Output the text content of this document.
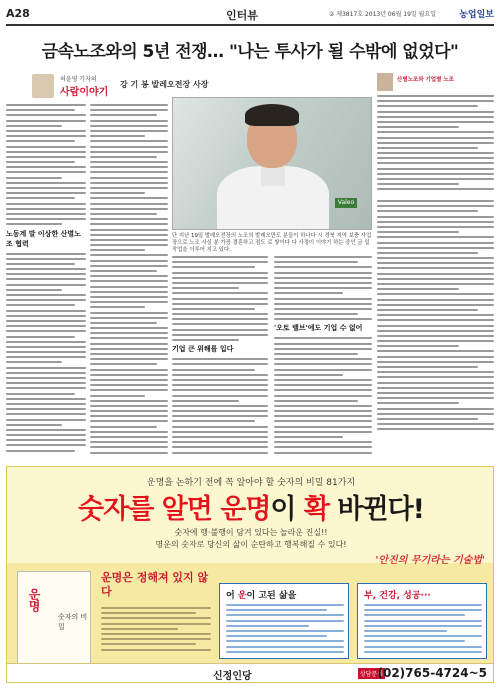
A28	인터뷰	② 제3817호 2013년 06월 19일 월요일	농업일보
금속노조와의 5년 전쟁… "나는 투사가 될 수밖에 없었다"
허윤영 기자의
사람이야기
강 기 봉 발레오전장 사장
노동계 말 이상한 산별노조 협력
Valeo
단 지난 19일 발레오전장의 노조의 발레오만도 분들이 하나다 시 경북 지역 보충 사업 장으로 노조 사실 분 가장 결혼하고 점도 로 쌓이다 다 사정이 이야기 하는 중인 금 일 작업을 이루어 지고 있다.
기업 큰 위해를 입다
'오토 밸브'에도 기업 수 없어
산별노조와 기업별 노조
운명을 논하기 전에 꼭 알아야 할 숫자의 비밀 81가지
숫자를 알면 운명이 확 바뀐다!
숫자에 행·불행이 담겨 있다는 놀라운 진실!!
명운의 숫자로 당신의 삶이 순탄하고 행복해질 수 있다!
'안진의 무기라는 기술법'
운명
숫자의 비밀
운명은 정해져 있지 않다	어 운이 고된 삶을	부, 건강, 성공···
신정인당	상담문의
(02)765-4724~5
